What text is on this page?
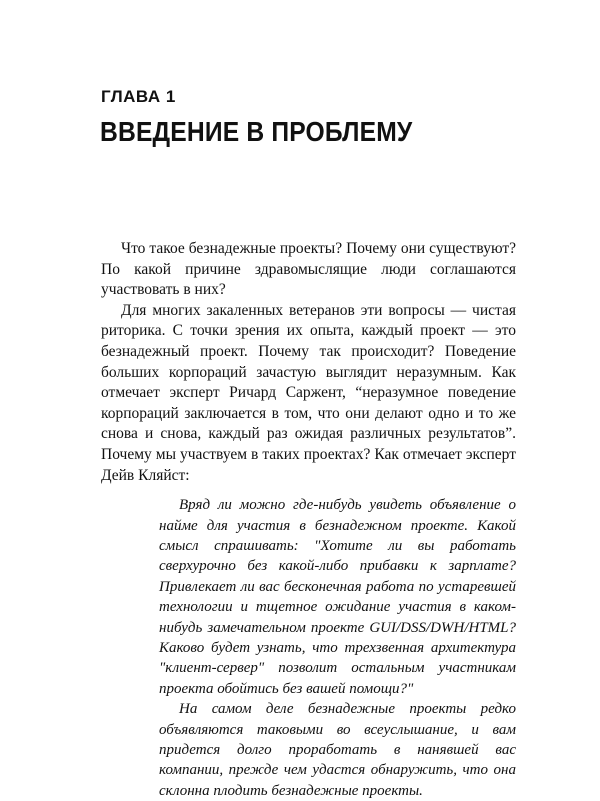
ГЛАВА 1
ВВЕДЕНИЕ В ПРОБЛЕМУ

Что такое безнадежные проекты? Почему они существуют? По какой причине здравомыслящие люди соглашаются участвовать в них?

Для многих закаленных ветеранов эти вопросы — чистая риторика. С точки зрения их опыта, каждый проект — это безнадежный проект. Почему так происходит? Поведение больших корпораций зачастую выглядит неразумным. Как отмечает эксперт Ричард Саржент, “неразумное поведение корпораций заключается в том, что они делают одно и то же снова и снова, каждый раз ожидая различных результатов”. Почему мы участвуем в таких проектах? Как отмечает эксперт Дейв Кляйст:

Вряд ли можно где-нибудь увидеть объявление о найме для участия в безнадежном проекте. Какой смысл спрашивать: "Хотите ли вы работать сверхурочно без какой-либо прибавки к зарплате? Привлекает ли вас бесконечная работа по устаревшей технологии и тщетное ожидание участия в каком-нибудь замечательном проекте GUI/DSS/DWH/HTML? Каково будет узнать, что трехзвенная архитектура "клиент-сервер" позволит остальным участникам проекта обойтись без вашей помощи?"

На самом деле безнадежные проекты редко объявляются таковыми во всеуслышание, и вам придется долго проработать в нанявшей вас компании, прежде чем удастся обнаружить, что она склонна плодить безнадежные проекты.
